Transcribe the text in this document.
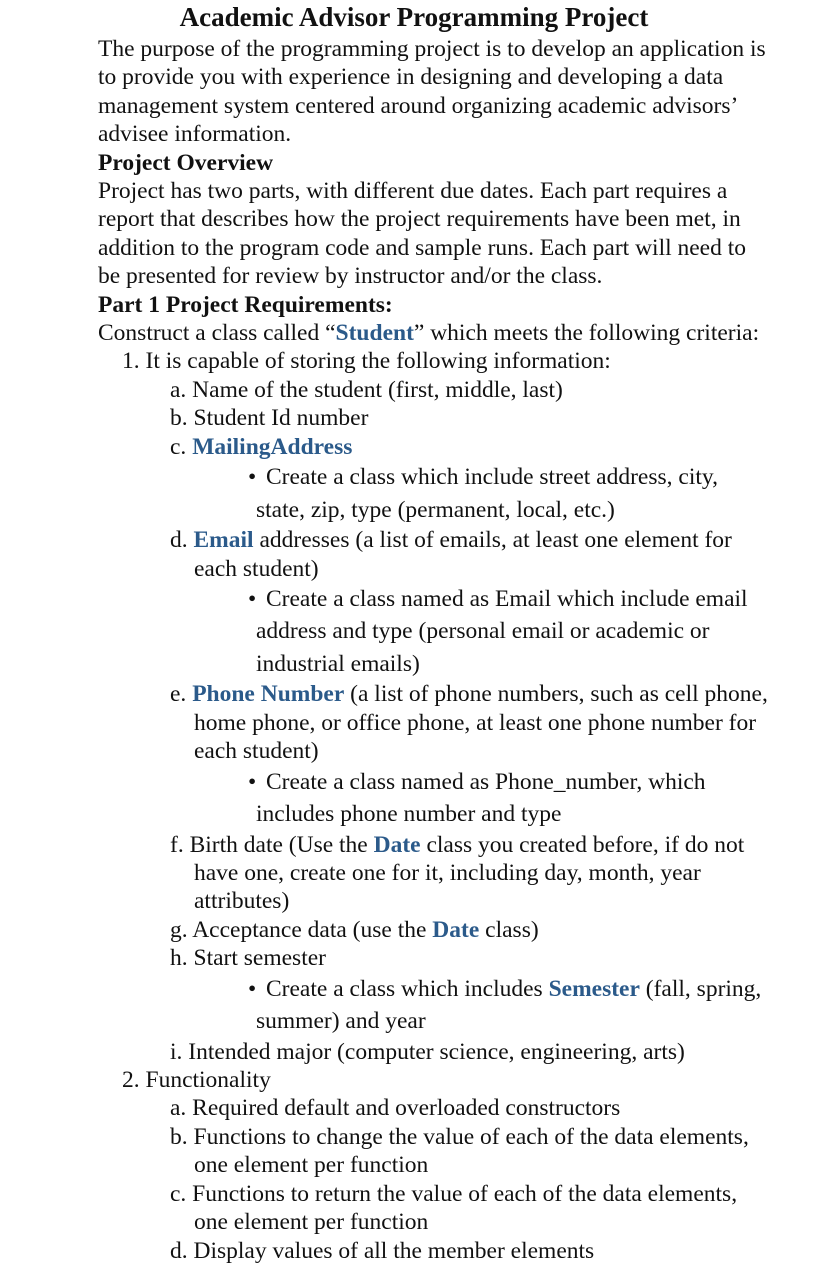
Academic Advisor Programming Project

The purpose of the programming project is to develop an application is to provide you with experience in designing and developing a data management system centered around organizing academic advisors’ advisee information.

Project Overview

Project has two parts, with different due dates. Each part requires a report that describes how the project requirements have been met, in addition to the program code and sample runs. Each part will need to be presented for review by instructor and/or the class.

Part 1 Project Requirements:

Construct a class called “Student” which meets the following criteria:

1. It is capable of storing the following information:

a. Name of the student (first, middle, last)

b. Student Id number

c. MailingAddress

• Create a class which include street address, city, state, zip, type (permanent, local, etc.)

d. Email addresses (a list of emails, at least one element for each student)

• Create a class named as Email which include email address and type (personal email or academic or industrial emails)

e. Phone Number (a list of phone numbers, such as cell phone, home phone, or office phone, at least one phone number for each student)

• Create a class named as Phone_number, which includes phone number and type

f. Birth date (Use the Date class you created before, if do not have one, create one for it, including day, month, year attributes)

g. Acceptance data (use the Date class)

h. Start semester

• Create a class which includes Semester (fall, spring, summer) and year

i. Intended major (computer science, engineering, arts)

2. Functionality

a. Required default and overloaded constructors

b. Functions to change the value of each of the data elements, one element per function

c. Functions to return the value of each of the data elements, one element per function

d. Display values of all the member elements
